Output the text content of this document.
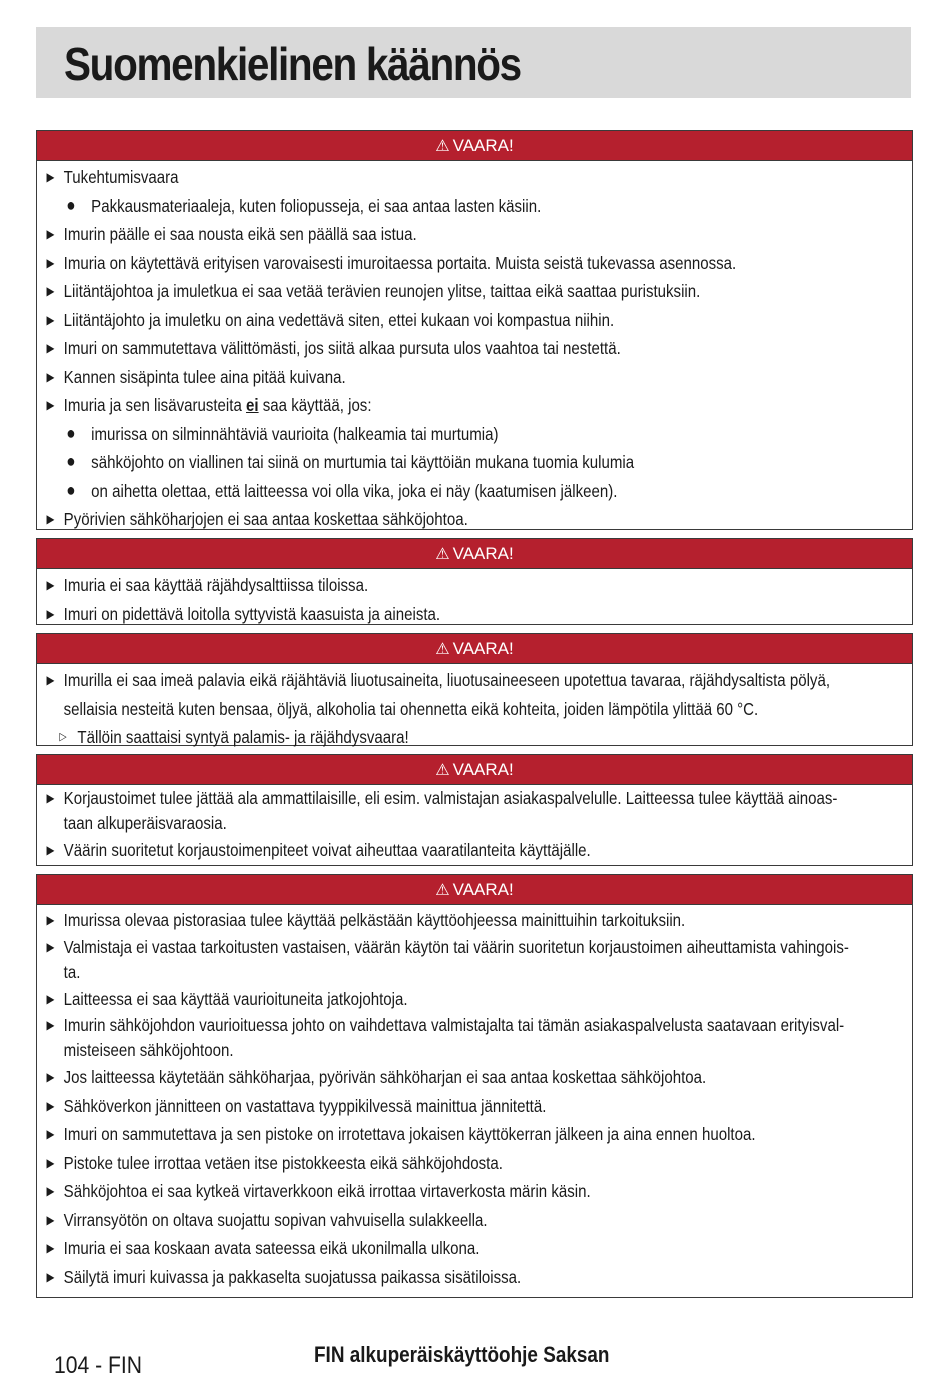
Suomenkielinen käännös
⚠ VAARA!
▶ Tukehtumisvaara
● Pakkausmateriaaleja, kuten foliopusseja, ei saa antaa lasten käsiin.
▶ Imurin päälle ei saa nousta eikä sen päällä saa istua.
▶ Imuria on käytettävä erityisen varovaisesti imuroitaessa portaita. Muista seistä tukevassa asennossa.
▶ Liitäntäjohtoa ja imuletkua ei saa vetää terävien reunojen ylitse, taittaa eikä saattaa puristuksiin.
▶ Liitäntäjohto ja imuletku on aina vedettävä siten, ettei kukaan voi kompastua niihin.
▶ Imuri on sammutettava välittömästi, jos siitä alkaa pursuta ulos vaahtoa tai nestettä.
▶ Kannen sisäpinta tulee aina pitää kuivana.
▶ Imuria ja sen lisävarusteita ei saa käyttää, jos:
● imurissa on silminnähtäviä vaurioita (halkeamia tai murtumia)
● sähköjohto on viallinen tai siinä on murtumia tai käyttöiän mukana tuomia kulumia
● on aihetta olettaa, että laitteessa voi olla vika, joka ei näy (kaatumisen jälkeen).
▶ Pyörivien sähköharjojen ei saa antaa koskettaa sähköjohtoa.
⚠ VAARA!
▶ Imuria ei saa käyttää räjähdysalttiissa tiloissa.
▶ Imuri on pidettävä loitolla syttyvistä kaasuista ja aineista.
⚠ VAARA!
▶ Imurilla ei saa imeä palavia eikä räjähtäviä liuotusaineita, liuotusaineeseen upotettua tavaraa, räjähdysaltista pölyä,
sellaisia nesteitä kuten bensaa, öljyä, alkoholia tai ohennetta eikä kohteita, joiden lämpötila ylittää 60 °C.
▷ Tällöin saattaisi syntyä palamis- ja räjähdysvaara!
⚠ VAARA!
▶ Korjaustoimet tulee jättää ala ammattilaisille, eli esim. valmistajan asiakaspalvelulle. Laitteessa tulee käyttää ainoas-
taan alkuperäisvaraosia.
▶ Väärin suoritetut korjaustoimenpiteet voivat aiheuttaa vaaratilanteita käyttäjälle.
⚠ VAARA!
▶ Imurissa olevaa pistorasiaa tulee käyttää pelkästään käyttöohjeessa mainittuihin tarkoituksiin.
▶ Valmistaja ei vastaa tarkoitusten vastaisen, väärän käytön tai väärin suoritetun korjaustoimen aiheuttamista vahingois-
ta.
▶ Laitteessa ei saa käyttää vaurioituneita jatkojohtoja.
▶ Imurin sähköjohdon vaurioituessa johto on vaihdettava valmistajalta tai tämän asiakaspalvelusta saatavaan erityisval-
misteiseen sähköjohtoon.
▶ Jos laitteessa käytetään sähköharjaa, pyörivän sähköharjan ei saa antaa koskettaa sähköjohtoa.
▶ Sähköverkon jännitteen on vastattava tyyppikilvessä mainittua jännitettä.
▶ Imuri on sammutettava ja sen pistoke on irrotettava jokaisen käyttökerran jälkeen ja aina ennen huoltoa.
▶ Pistoke tulee irrottaa vetäen itse pistokkeesta eikä sähköjohdosta.
▶ Sähköjohtoa ei saa kytkeä virtaverkkoon eikä irrottaa virtaverkosta märin käsin.
▶ Virransyötön on oltava suojattu sopivan vahvuisella sulakkeella.
▶ Imuria ei saa koskaan avata sateessa eikä ukonilmalla ulkona.
▶ Säilytä imuri kuivassa ja pakkaselta suojatussa paikassa sisätiloissa.
104 - FIN	FIN alkuperäiskäyttöohje Saksan
